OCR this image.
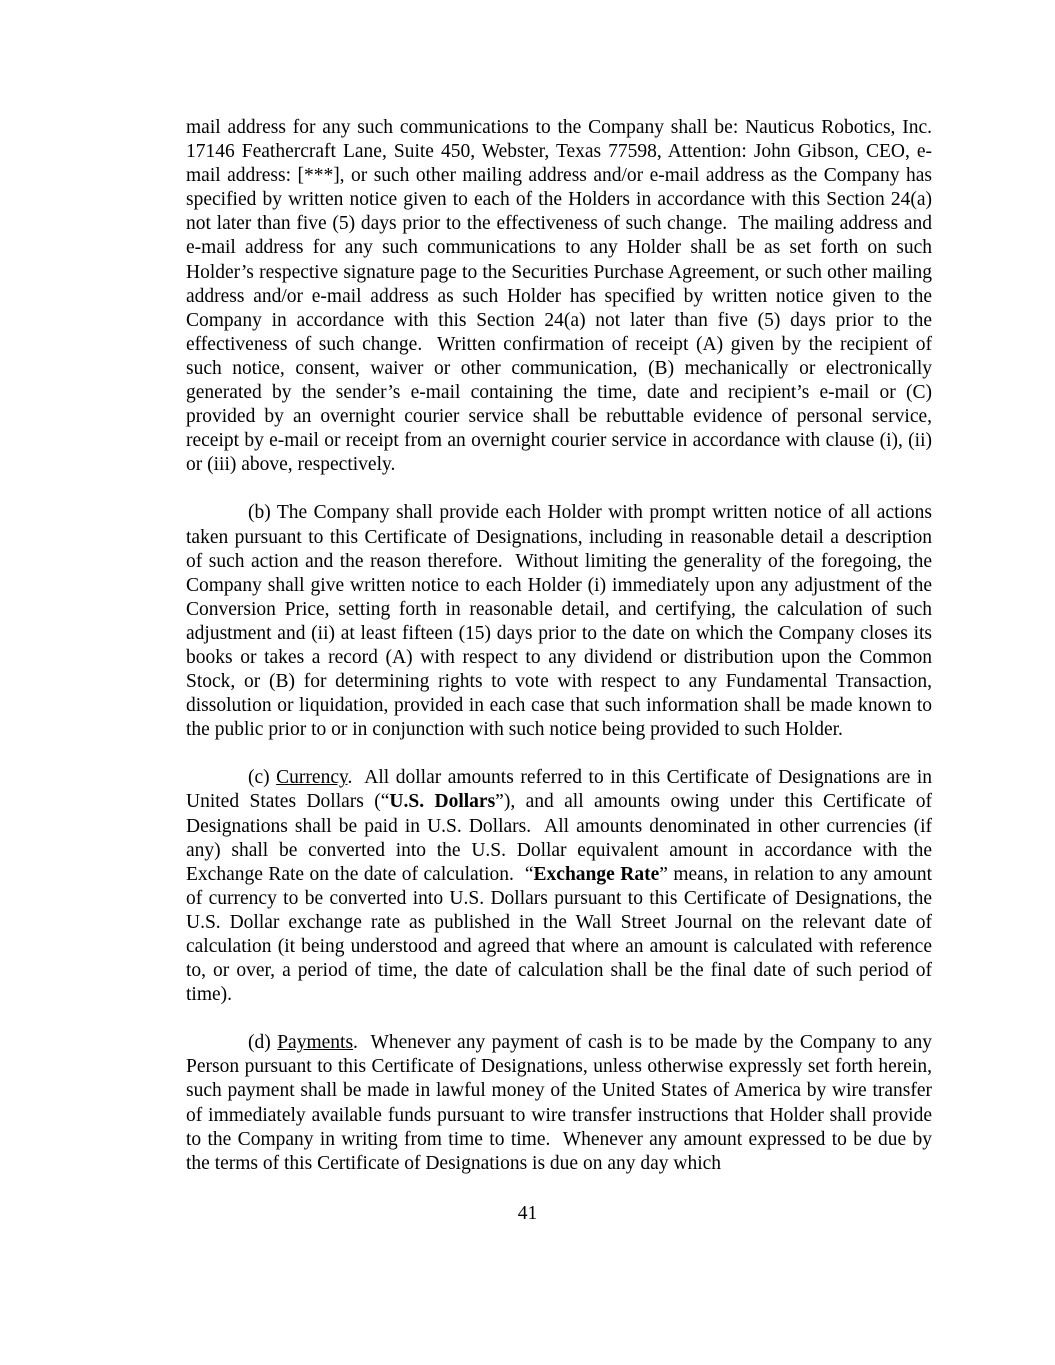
mail address for any such communications to the Company shall be: Nauticus Robotics, Inc. 17146 Feathercraft Lane, Suite 450, Webster, Texas 77598, Attention: John Gibson, CEO, e-mail address: [***], or such other mailing address and/or e-mail address as the Company has specified by written notice given to each of the Holders in accordance with this Section 24(a) not later than five (5) days prior to the effectiveness of such change.  The mailing address and e-mail address for any such communications to any Holder shall be as set forth on such Holder’s respective signature page to the Securities Purchase Agreement, or such other mailing address and/or e-mail address as such Holder has specified by written notice given to the Company in accordance with this Section 24(a) not later than five (5) days prior to the effectiveness of such change.  Written confirmation of receipt (A) given by the recipient of such notice, consent, waiver or other communication, (B) mechanically or electronically generated by the sender’s e-mail containing the time, date and recipient’s e-mail or (C) provided by an overnight courier service shall be rebuttable evidence of personal service, receipt by e-mail or receipt from an overnight courier service in accordance with clause (i), (ii) or (iii) above, respectively.

(b) The Company shall provide each Holder with prompt written notice of all actions taken pursuant to this Certificate of Designations, including in reasonable detail a description of such action and the reason therefore.  Without limiting the generality of the foregoing, the Company shall give written notice to each Holder (i) immediately upon any adjustment of the Conversion Price, setting forth in reasonable detail, and certifying, the calculation of such adjustment and (ii) at least fifteen (15) days prior to the date on which the Company closes its books or takes a record (A) with respect to any dividend or distribution upon the Common Stock, or (B) for determining rights to vote with respect to any Fundamental Transaction, dissolution or liquidation, provided in each case that such information shall be made known to the public prior to or in conjunction with such notice being provided to such Holder.

(c) Currency.  All dollar amounts referred to in this Certificate of Designations are in United States Dollars (“U.S. Dollars”), and all amounts owing under this Certificate of Designations shall be paid in U.S. Dollars.  All amounts denominated in other currencies (if any) shall be converted into the U.S. Dollar equivalent amount in accordance with the Exchange Rate on the date of calculation.  “Exchange Rate” means, in relation to any amount of currency to be converted into U.S. Dollars pursuant to this Certificate of Designations, the U.S. Dollar exchange rate as published in the Wall Street Journal on the relevant date of calculation (it being understood and agreed that where an amount is calculated with reference to, or over, a period of time, the date of calculation shall be the final date of such period of time).

(d) Payments.  Whenever any payment of cash is to be made by the Company to any Person pursuant to this Certificate of Designations, unless otherwise expressly set forth herein, such payment shall be made in lawful money of the United States of America by wire transfer of immediately available funds pursuant to wire transfer instructions that Holder shall provide to the Company in writing from time to time.  Whenever any amount expressed to be due by the terms of this Certificate of Designations is due on any day which

41
